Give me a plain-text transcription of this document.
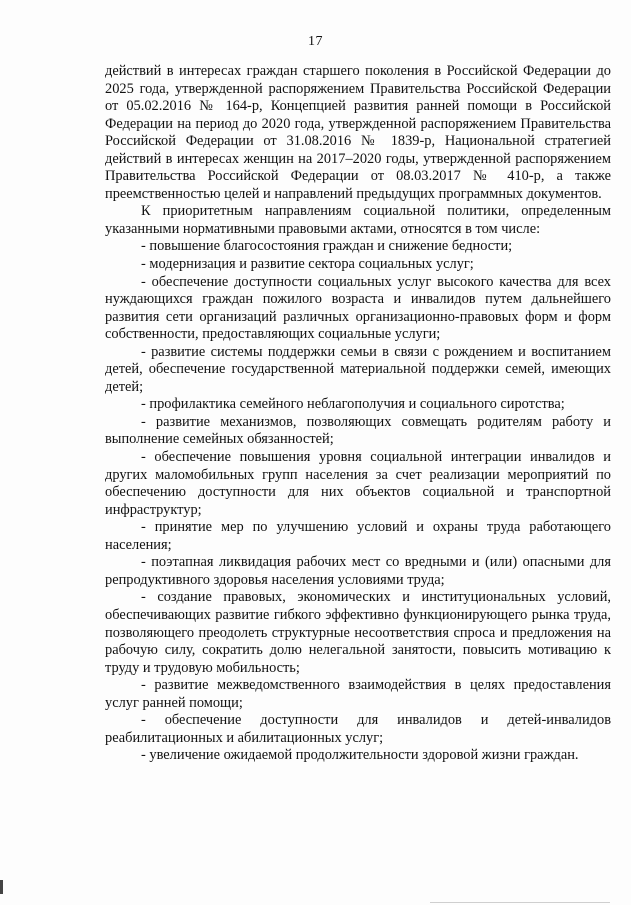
17

действий в интересах граждан старшего поколения в Российской Федерации до 2025 года, утвержденной распоряжением Правительства Российской Федерации от 05.02.2016 № 164-р, Концепцией развития ранней помощи в Российской Федерации на период до 2020 года, утвержденной распоряжением Правительства Российской Федерации от 31.08.2016 № 1839-р, Национальной стратегией действий в интересах женщин на 2017–2020 годы, утвержденной распоряжением Правительства Российской Федерации от 08.03.2017 № 410-р, а также преемственностью целей и направлений предыдущих программных документов.

К приоритетным направлениям социальной политики, определенным указанными нормативными правовыми актами, относятся в том числе:

- повышение благосостояния граждан и снижение бедности;

- модернизация и развитие сектора социальных услуг;

- обеспечение доступности социальных услуг высокого качества для всех нуждающихся граждан пожилого возраста и инвалидов путем дальнейшего развития сети организаций различных организационно-правовых форм и форм собственности, предоставляющих социальные услуги;

- развитие системы поддержки семьи в связи с рождением и воспитанием детей, обеспечение государственной материальной поддержки семей, имеющих детей;

- профилактика семейного неблагополучия и социального сиротства;

- развитие механизмов, позволяющих совмещать родителям работу и выполнение семейных обязанностей;

- обеспечение повышения уровня социальной интеграции инвалидов и других маломобильных групп населения за счет реализации мероприятий по обеспечению доступности для них объектов социальной и транспортной инфраструктур;

- принятие мер по улучшению условий и охраны труда работающего населения;

- поэтапная ликвидация рабочих мест со вредными и (или) опасными для репродуктивного здоровья населения условиями труда;

- создание правовых, экономических и институциональных условий, обеспечивающих развитие гибкого эффективно функционирующего рынка труда, позволяющего преодолеть структурные несоответствия спроса и предложения на рабочую силу, сократить долю нелегальной занятости, повысить мотивацию к труду и трудовую мобильность;

- развитие межведомственного взаимодействия в целях предоставления услуг ранней помощи;

- обеспечение доступности для инвалидов и детей-инвалидов реабилитационных и абилитационных услуг;

- увеличение ожидаемой продолжительности здоровой жизни граждан.
